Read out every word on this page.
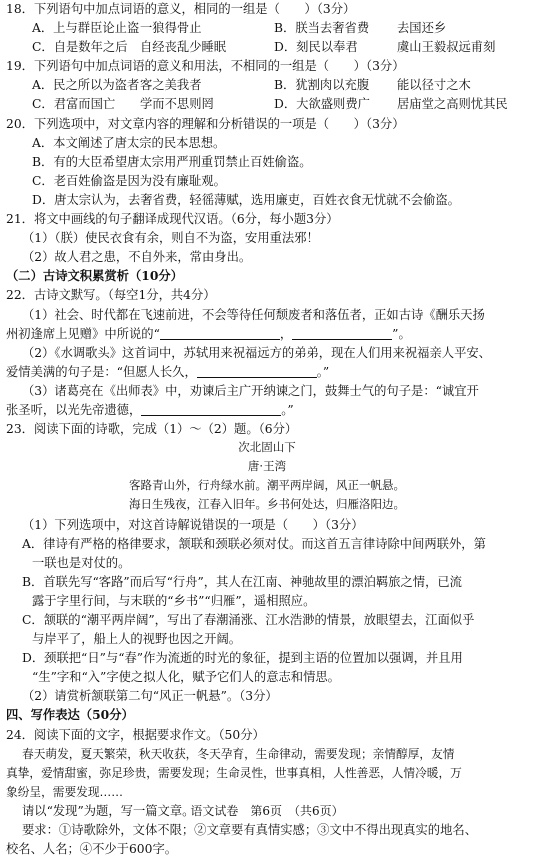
18．下列语句中加点词语的意义，相同的一组是（　　）（3分）
A．上与群臣论止盗 一狼得骨止	B．朕当去奢省费 去国还乡
C．自是数年之后 自经丧乱少睡眠	D．刻民以奉君	虞山王毅叔远甫刻
19．下列语句中加点词语的意义和用法，不相同的一组是（　　）（3分）
A．民之所以为盗者 客之美我者	B．犹割肉以充腹 能以径寸之木
C．君富而国亡 学而不思则罔	D．大欲盛则费广 居庙堂之高则忧其民
20．下列选项中，对文章内容的理解和分析错误的一项是（　　）（3分）
A．本文阐述了唐太宗的民本思想。
B．有的大臣希望唐太宗用严刑重罚禁止百姓偷盗。
C．老百姓偷盗是因为没有廉耻观。
D．唐太宗认为，去奢省费，轻徭薄赋，选用廉吏，百姓衣食无忧就不会偷盗。
21．将文中画线的句子翻译成现代汉语。（6分，每小题3分）
（1）（朕）使民衣食有余，则自不为盗，安用重法邪！
（2）故人君之患，不自外来，常由身出。
（二）古诗文积累赏析（10分）
22．古诗文默写。（每空1分，共4分）
（1）社会、时代都在飞速前进，不会等待任何颓废者和落伍者，正如古诗《酬乐天扬
州初逢席上见赠》中所说的“	，	”。
（2）《水调歌头》这首词中，苏轼用来祝福远方的弟弟，现在人们用来祝福亲人平安、
爱情美满的句子是：“但愿人长久，	。”
（3）诸葛亮在《出师表》中，劝谏后主广开纳谏之门，鼓舞士气的句子是：“诚宜开
张圣听，以光先帝遗德，	。”
23．阅读下面的诗歌，完成（1）～（2）题。（6分）
次北固山下
唐·王湾
客路青山外，行舟绿水前。潮平两岸阔，风正一帆悬。
海日生残夜，江春入旧年。乡书何处达，归雁洛阳边。
（1）下列选项中，对这首诗解说错误的一项是（　　）（3分）
A．律诗有严格的格律要求，颔联和颈联必须对仗。而这首五言律诗除中间两联外，第
一联也是对仗的。
B．首联先写“客路”而后写“行舟”，其人在江南、神驰故里的漂泊羁旅之情，已流
露于字里行间，与末联的“乡书”“归雁”，遥相照应。
C．颔联的“潮平两岸阔”，写出了春潮涌涨、江水浩渺的情景，放眼望去，江面似乎
与岸平了，船上人的视野也因之开阔。
D．颈联把“日”与“春”作为流逝的时光的象征，提到主语的位置加以强调，并且用
“生”字和“入”字使之拟人化，赋予它们人的意志和情思。
（2）请赏析颔联第二句“风正一帆悬”。（3分）
四、写作表达（50分）
24．阅读下面的文字，根据要求作文。（50分）
春天萌发，夏天繁荣，秋天收获，冬天孕育，生命律动，需要发现；亲情醇厚，友情
真挚，爱情甜蜜，弥足珍贵，需要发现；生命灵性，世事真相，人性善恶，人情冷暖，万
象纷呈，需要发现……
请以“发现”为题，写一篇文章。
要求：①诗歌除外，文体不限；②文章要有真情实感；③文中不得出现真实的地名、
校名、人名；④不少于600字。
语文试卷　第6页　（共6页）
